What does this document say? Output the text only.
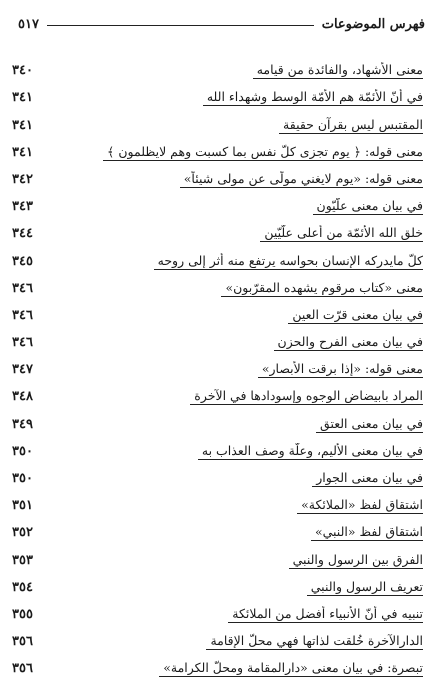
فهرس الموضوعات
٥١٧
معنى الأشهاد، والفائدة من قيامه
٣٤٠
في أنّ الأئمّة هم الأمّة الوسط وشهداء الله
٣٤١
المقتبس ليس بقرآن حقيقة
٣٤١
معنى قوله: ﴿ يوم تجزى كلّ نفس بما كسبت وهم لايظلمون ﴾
٣٤١
معنى قوله: «يوم لايغني مولًى عن مولى شيئاً»
٣٤٢
في بيان معنى علّيّون
٣٤٣
خلق الله الأئمّة من أعلى علّيّين
٣٤٤
كلّ مايدركه الإنسان بحواسه يرتفع منه أثر إلى روحه
٣٤٥
معنى «كتاب مرقوم يشهده المقرّبون»
٣٤٦
في بيان معنى قرّت العين
٣٤٦
في بيان معنى الفرح والحزن
٣٤٦
معنى قوله: «إذا برقت الأبصار»
٣٤٧
المراد بابيضاض الوجوه وإسودادها في الآخرة
٣٤٨
في بيان معنى العتق
٣٤٩
في بيان معنى الأليم، وعلّة وصف العذاب به
٣٥٠
في بيان معنى الجوار
٣٥٠
اشتقاق لفظ «الملائكة»
٣٥١
اشتقاق لفظ «النبي»
٣٥٢
الفرق بين الرسول والنبي
٣٥٣
تعريف الرسول والنبي
٣٥٤
تنبيه في أنّ الأنبياء أفضل من الملائكة
٣٥٥
الدارالآخرة خُلقت لذاتها فهي محلّ الإقامة
٣٥٦
تبصرة: في بيان معنى «دارالمقامة ومحلّ الكرامة»
٣٥٦
